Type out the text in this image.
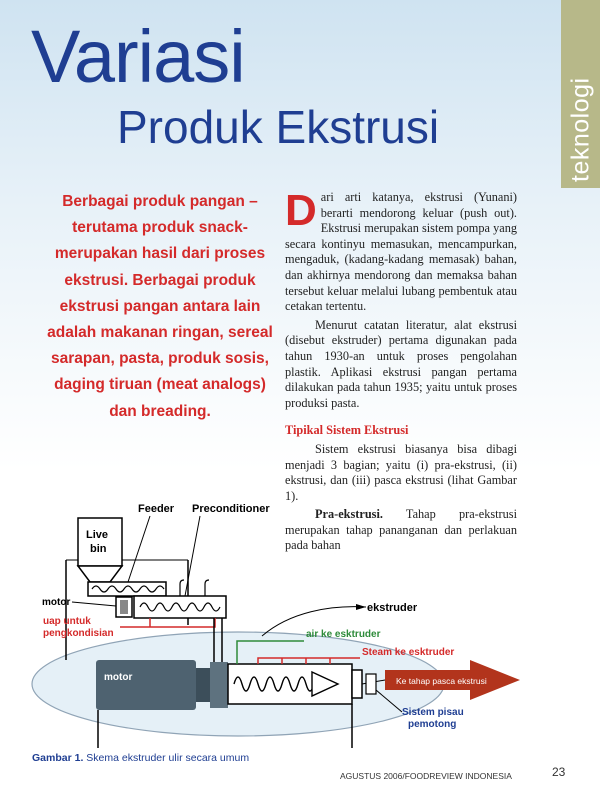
teknologi
Variasi
Produk Ekstrusi
Berbagai produk pangan –terutama produk snack- merupakan hasil dari proses ekstrusi. Berbagai produk ekstrusi pangan antara lain adalah makanan ringan, sereal sarapan, pasta, produk sosis, daging tiruan (meat analogs) dan breading.

Dari arti katanya, ekstrusi (Yunani) berarti mendorong keluar (push out). Ekstrusi merupakan sistem pompa yang secara kontinyu memasukan, mencampurkan, mengaduk, (kadang-kadang memasak) bahan, dan akhirnya mendorong dan memaksa bahan tersebut keluar melalui lubang pembentuk atau cetakan tertentu.

Menurut catatan literatur, alat ekstrusi (disebut ekstruder) pertama digunakan pada tahun 1930-an untuk proses pengolahan plastik. Aplikasi ekstrusi pangan pertama dilakukan pada tahun 1935; yaitu untuk proses produksi pasta.

Tipikal Sistem Ekstrusi

Sistem ekstrusi biasanya bisa dibagi menjadi 3 bagian; yaitu (i) pra-ekstrusi, (ii) ekstrusi, dan (iii) pasca ekstrusi (lihat Gambar 1).

Pra-ekstrusi. Tahap pra-ekstrusi merupakan tahap pananganan dan perlakuan pada bahan

Live
bin
Feeder Preconditioner
motor
uap untuk
pengkondisian
motor
ekstruder
air ke esktruder
Steam ke esktruder
Ke tahap pasca ekstrusi
Sistem pisau
pemotong
Gambar 1. Skema ekstruder ulir secara umum
AGUSTUS 2006/FOODREVIEW INDONESIA	23
